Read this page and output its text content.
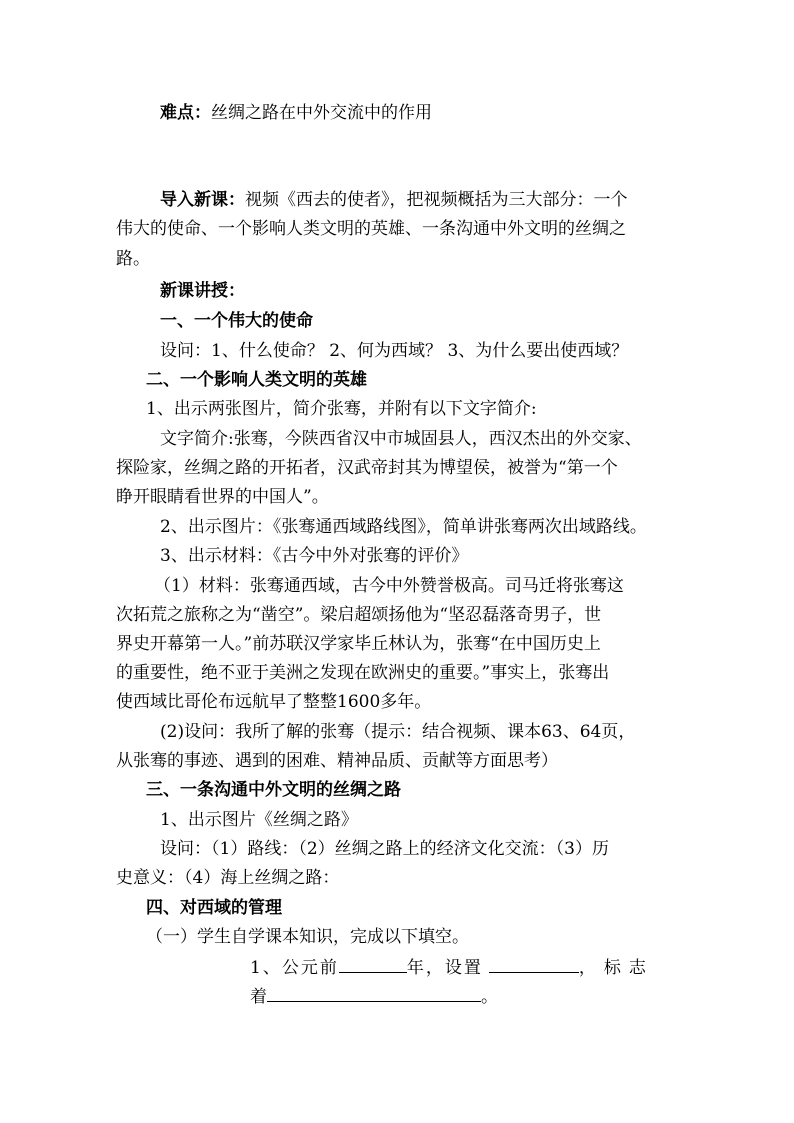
难点：丝绸之路在中外交流中的作用
导入新课：视频《西去的使者》，把视频概括为三大部分：一个
伟大的使命、一个影响人类文明的英雄、一条沟通中外文明的丝绸之
路。
新课讲授：
一、一个伟大的使命
设问：1、什么使命？ 2、何为西域？ 3、为什么要出使西域？
二、一个影响人类文明的英雄
1、出示两张图片，简介张骞，并附有以下文字简介:
文字简介:张骞，今陕西省汉中市城固县人，西汉杰出的外交家、
探险家，丝绸之路的开拓者，汉武帝封其为博望侯，被誉为“第一个
睁开眼睛看世界的中国人”。
2、出示图片：《张骞通西域路线图》，简单讲张骞两次出域路线。
3、出示材料：《古今中外对张骞的评价》
（1）材料：张骞通西域，古今中外赞誉极高。司马迁将张骞这
次拓荒之旅称之为“凿空”。梁启超颂扬他为“坚忍磊落奇男子，世
界史开幕第一人。”前苏联汉学家毕丘林认为，张骞“在中国历史上
的重要性，绝不亚于美洲之发现在欧洲史的重要。”事实上，张骞出
使西域比哥伦布远航早了整整1600多年。
(2)设问：我所了解的张骞（提示：结合视频、课本63、64页，
从张骞的事迹、遇到的困难、精神品质、贡献等方面思考）
三、一条沟通中外文明的丝绸之路
1、出示图片《丝绸之路》
设问：（1）路线：（2）丝绸之路上的经济文化交流：（3）历
史意义：（4）海上丝绸之路：
四、对西域的管理
（一）学生自学课本知识，完成以下填空。
1、公元前	年，设置	，标志
着	。
